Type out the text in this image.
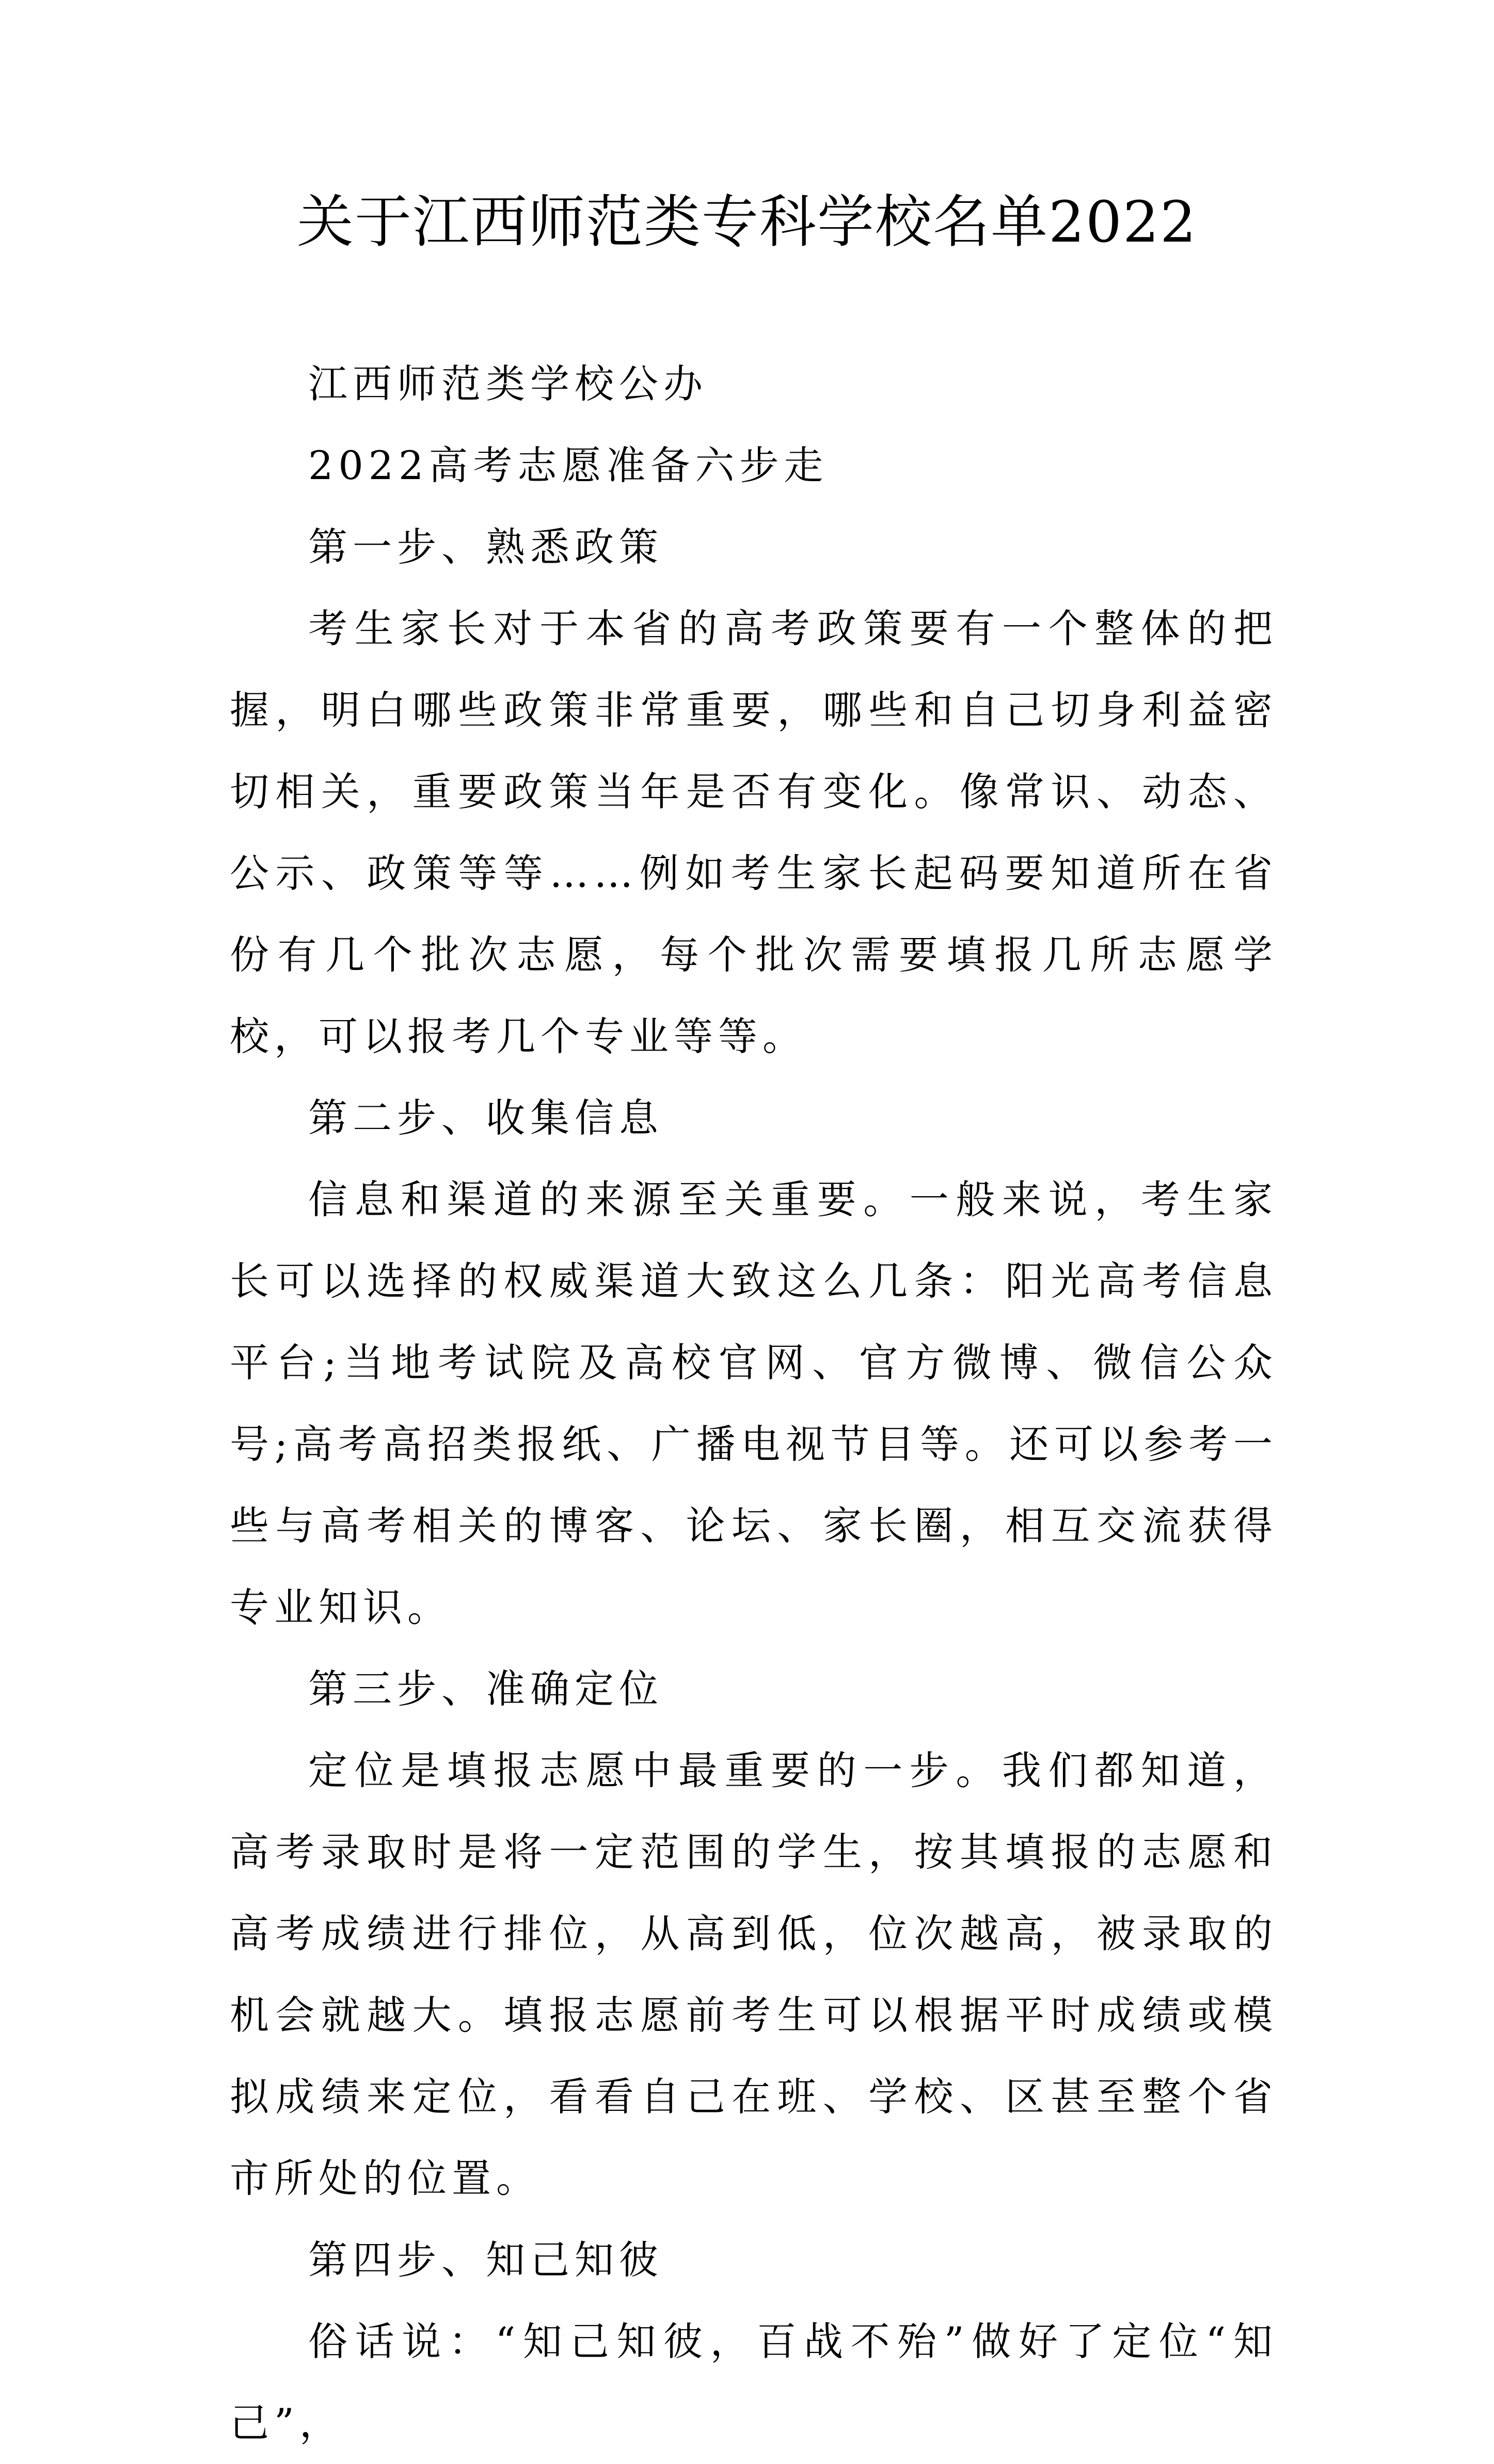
关于江西师范类专科学校名单2022

江西师范类学校公办

2022高考志愿准备六步走

第一步、熟悉政策

考生家长对于本省的高考政策要有一个整体的把握，明白哪些政策非常重要，哪些和自己切身利益密切相关，重要政策当年是否有变化。像常识、动态、公示、政策等等……例如考生家长起码要知道所在省份有几个批次志愿，每个批次需要填报几所志愿学校，可以报考几个专业等等。

第二步、收集信息

信息和渠道的来源至关重要。一般来说，考生家长可以选择的权威渠道大致这么几条：阳光高考信息平台;当地考试院及高校官网、官方微博、微信公众号;高考高招类报纸、广播电视节目等。还可以参考一些与高考相关的博客、论坛、家长圈，相互交流获得专业知识。

第三步、准确定位

定位是填报志愿中最重要的一步。我们都知道，高考录取时是将一定范围的学生，按其填报的志愿和高考成绩进行排位，从高到低，位次越高，被录取的机会就越大。填报志愿前考生可以根据平时成绩或模拟成绩来定位，看看自己在班、学校、区甚至整个省市所处的位置。

第四步、知己知彼

俗话说：“知己知彼，百战不殆”做好了定位“知己”，
